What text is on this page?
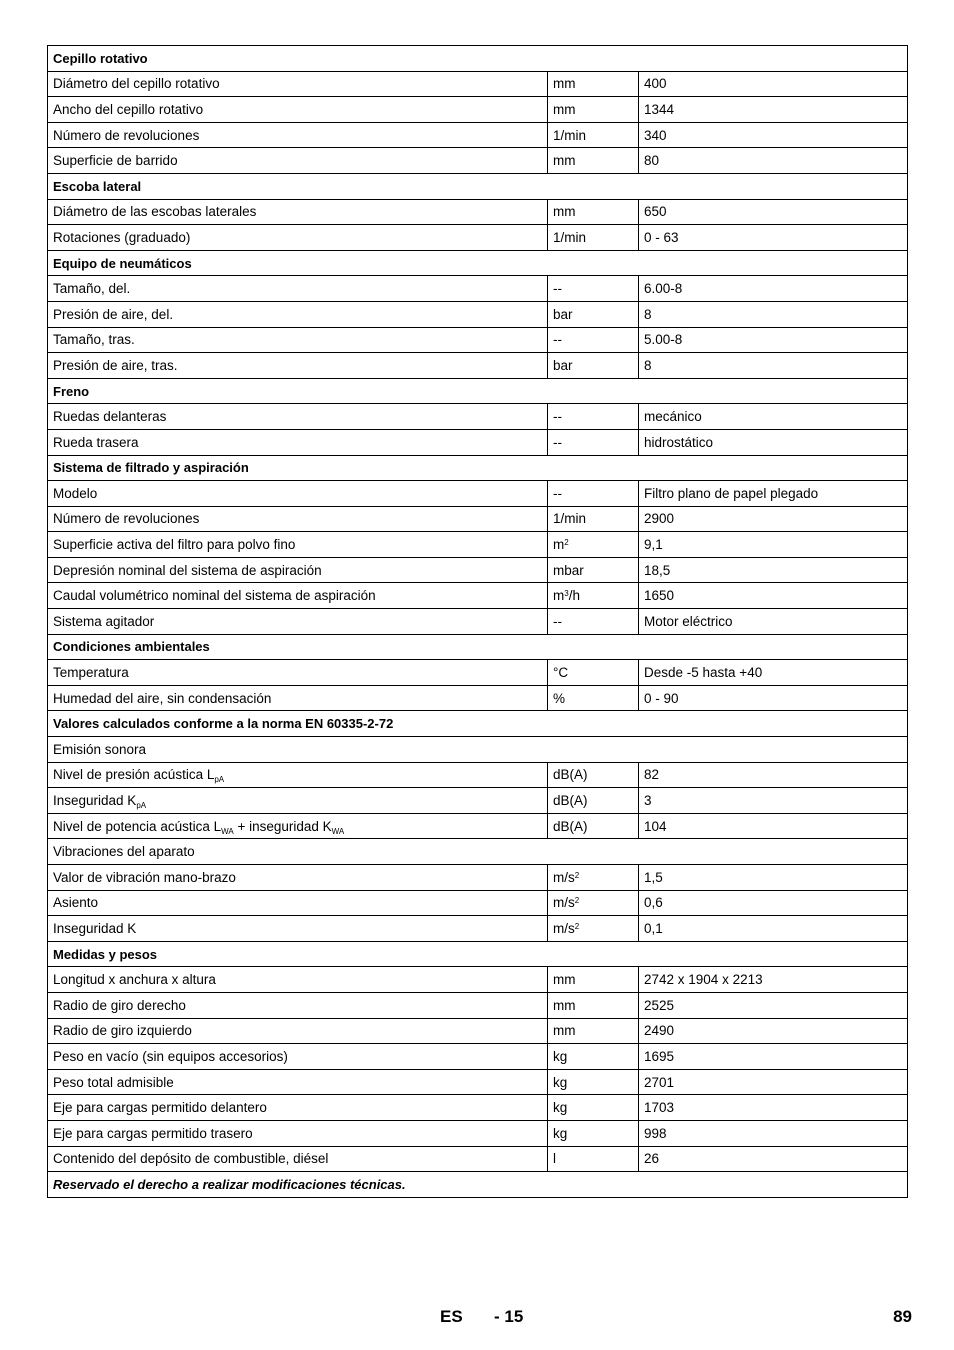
Cepillo rotativo		
Diámetro del cepillo rotativo	mm	400
Ancho del cepillo rotativo	mm	1344
Número de revoluciones	1/min	340
Superficie de barrido	mm	80
Escoba lateral		
Diámetro de las escobas laterales	mm	650
Rotaciones (graduado)	1/min	0 - 63
Equipo de neumáticos		
Tamaño, del.	--	6.00-8
Presión de aire, del.	bar	8
Tamaño, tras.	--	5.00-8
Presión de aire, tras.	bar	8
Freno		
Ruedas delanteras	--	mecánico
Rueda trasera	--	hidrostático
Sistema de filtrado y aspiración		
Modelo	--	Filtro plano de papel plegado
Número de revoluciones	1/min	2900
Superficie activa del filtro para polvo fino	$m^2$	9,1
Depresión nominal del sistema de aspiración	mbar	18,5
Caudal volumétrico nominal del sistema de aspiración	$m^3/h$	1650
Sistema agitador	--	Motor eléctrico
Condiciones ambientales		
Temperatura	°C	Desde -5 hasta +40
Humedad del aire, sin condensación	%	0 - 90
Valores calculados conforme a la norma EN 60335-2-72		
Emisión sonora		
Nivel de presión acústica $L_{pA}$	dB(A)	82
Inseguridad $K_{pA}$	dB(A)	3
Nivel de potencia acústica $L_{WA}$ + inseguridad $K_{WA}$	dB(A)	104
Vibraciones del aparato		
Valor de vibración mano-brazo	$m/s^2$	1,5
Asiento	$m/s^2$	0,6
Inseguridad K	$m/s^2$	0,1
Medidas y pesos		
Longitud x anchura x altura	mm	2742 x 1904 x 2213
Radio de giro derecho	mm	2525
Radio de giro izquierdo	mm	2490
Peso en vacío (sin equipos accesorios)	kg	1695
Peso total admisible	kg	2701
Eje para cargas permitido delantero	kg	1703
Eje para cargas permitido trasero	kg	998
Contenido del depósito de combustible, diésel	l	26
Reservado el derecho a realizar modificaciones técnicas.		
ES - 15	89
